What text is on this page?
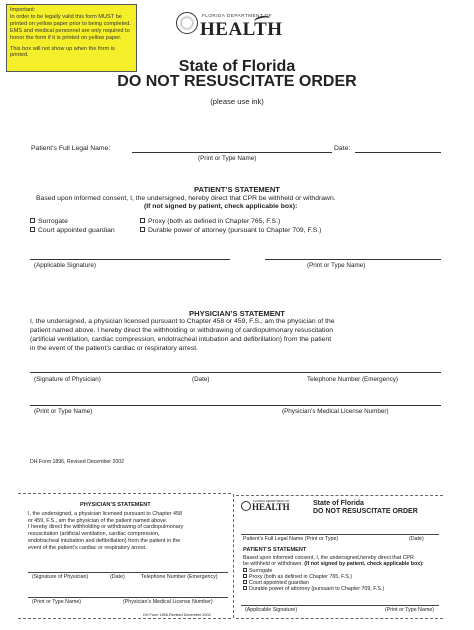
Important:
In order to be legally valid this form MUST be printed on yellow paper prior to being completed. EMS and medical personnel are only required to honor the form if it is printed on yellow paper.
This box will not show up when the form is printed.
FLORIDA DEPARTMENT OF
HEALTH
State of Florida
DO NOT RESUSCITATE ORDER
(please use ink)
Patient’s Full Legal Name:	Date:
(Print or Type Name)
PATIENT’S STATEMENT
Based upon informed consent, I, the undersigned, hereby direct that CPR be withheld or withdrawn.
(If not signed by patient, check applicable box):
Surrogate	Proxy (both as defined in Chapter 765, F.S.)
Court appointed guardian	Durable power of attorney (pursuant to Chapter 709, F.S.)
(Applicable Signature)	(Print or Type Name)
PHYSICIAN’S STATEMENT
I, the undersigned, a physician licensed pursuant to Chapter 458 or 459, F.S., am the physician of the
patient named above. I hereby direct the withholding or withdrawing of cardiopulmonary resuscitation
(artificial ventilation, cardiac compression, endotracheal intubation and defibrillation) from the patient
in the event of the patient’s cardiac or respiratory arrest.
(Signature of Physician)	(Date)	Telephone Number (Emergency)
(Print or Type Name)	(Physician’s Medical License Number)
DH Form 1896, Revised December 2002
PHYSICIAN’S STATEMENT
I, the undersigned, a physician licensed pursuant to Chapter 458
or 459, F.S., am the physician of the patient named above.
I hereby direct the withholding or withdrawing of cardiopulmonary
resuscitation (artificial ventilation, cardiac compression,
endotracheal intubation and defibrillation) from the patient in the
event of the patient’s cardiac or respiratory arrest.
(Signature of Physician)	(Date)	Telephone Number (Emergency)
(Print or Type Name)	(Physician’s Medical License Number)
DH Form 1896,Revised December 2002
FLORIDA DEPARTMENT OF
HEALTH	State of Florida
DO NOT RESUSCITATE ORDER
Patient’s Full Legal Name (Print or Type)	(Date)
PATIENT’S STATEMENT
Based upon informed consent, I, the undersigned,hereby direct that CPR
be withheld or withdrawn. (If not signed by patient, check applicable box):
Surrogate
Proxy (both as defined in Chapter 765, F.S.)
Court appointed guardian
Durable power of attorney (pursuant to Chapter 709, F.S.)
(Applicable Signature)	(Print or Type Name)
